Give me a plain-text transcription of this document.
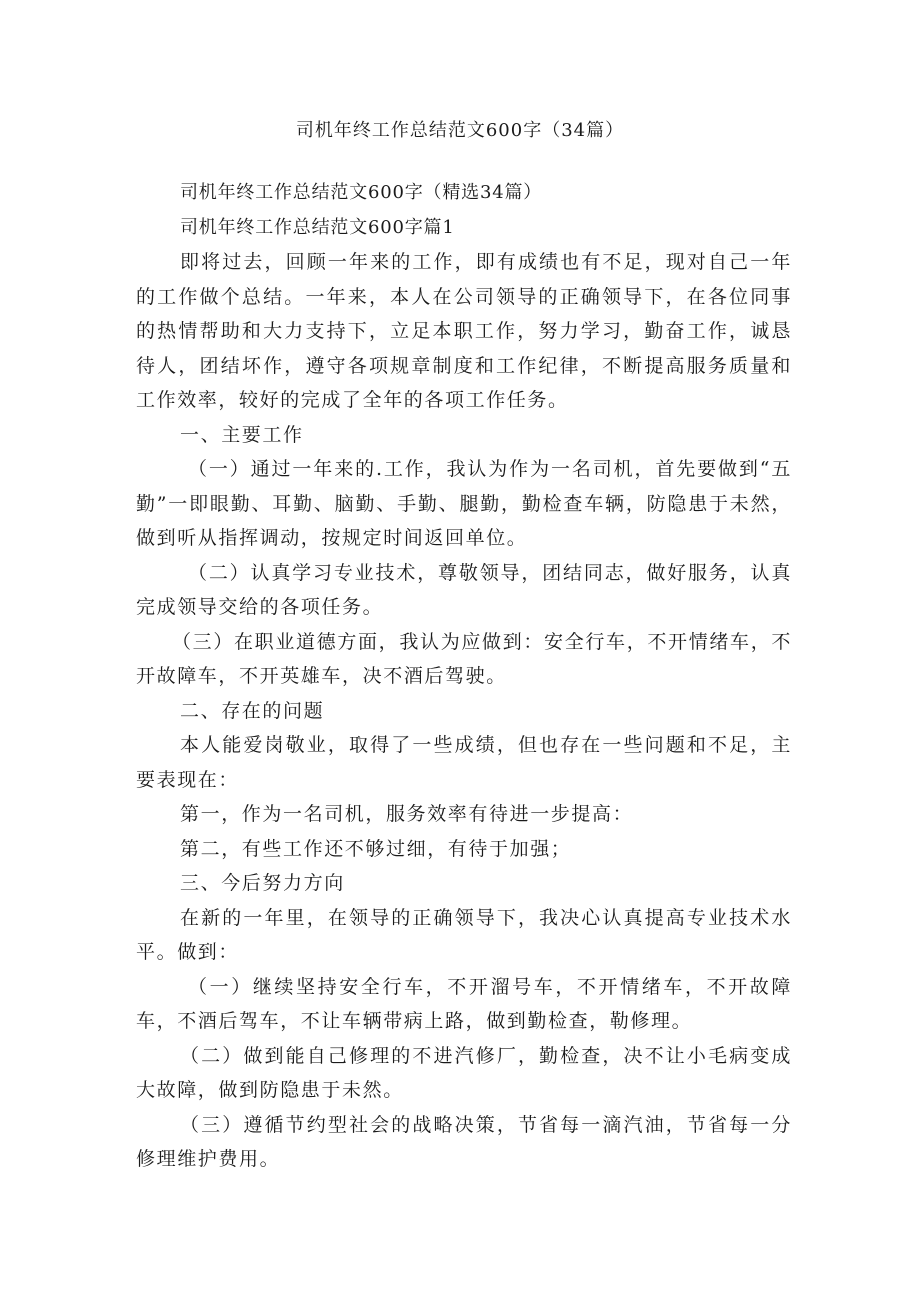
司机年终工作总结范文600字（34篇）

司机年终工作总结范文600字（精选34篇）

司机年终工作总结范文600字篇1

即将过去，回顾一年来的工作，即有成绩也有不足，现对自己一年的工作做个总结。一年来，本人在公司领导的正确领导下，在各位同事的热情帮助和大力支持下，立足本职工作，努力学习，勤奋工作，诚恳待人，团结坏作，遵守各项规章制度和工作纪律，不断提高服务质量和工作效率，较好的完成了全年的各项工作任务。

一、主要工作

（一）通过一年来的.工作，我认为作为一名司机，首先要做到“五勤”一即眼勤、耳勤、脑勤、手勤、腿勤，勤检查车辆，防隐患于未然，做到听从指挥调动，按规定时间返回单位。

（二）认真学习专业技术，尊敬领导，团结同志，做好服务，认真完成领导交给的各项任务。

（三）在职业道德方面，我认为应做到：安全行车，不开情绪车，不开故障车，不开英雄车，决不酒后驾驶。

二、存在的问题

本人能爱岗敬业，取得了一些成绩，但也存在一些问题和不足，主要表现在：

第一，作为一名司机，服务效率有待进一步提高：

第二，有些工作还不够过细，有待于加强；

三、今后努力方向

在新的一年里，在领导的正确领导下，我决心认真提高专业技术水平。做到：

（一）继续坚持安全行车，不开溜号车，不开情绪车，不开故障车，不酒后驾车，不让车辆带病上路，做到勤检查，勒修理。

（二）做到能自己修理的不进汽修厂，勤检查，决不让小毛病变成大故障，做到防隐患于未然。

（三）遵循节约型社会的战略决策，节省每一滴汽油，节省每一分修理维护费用。
